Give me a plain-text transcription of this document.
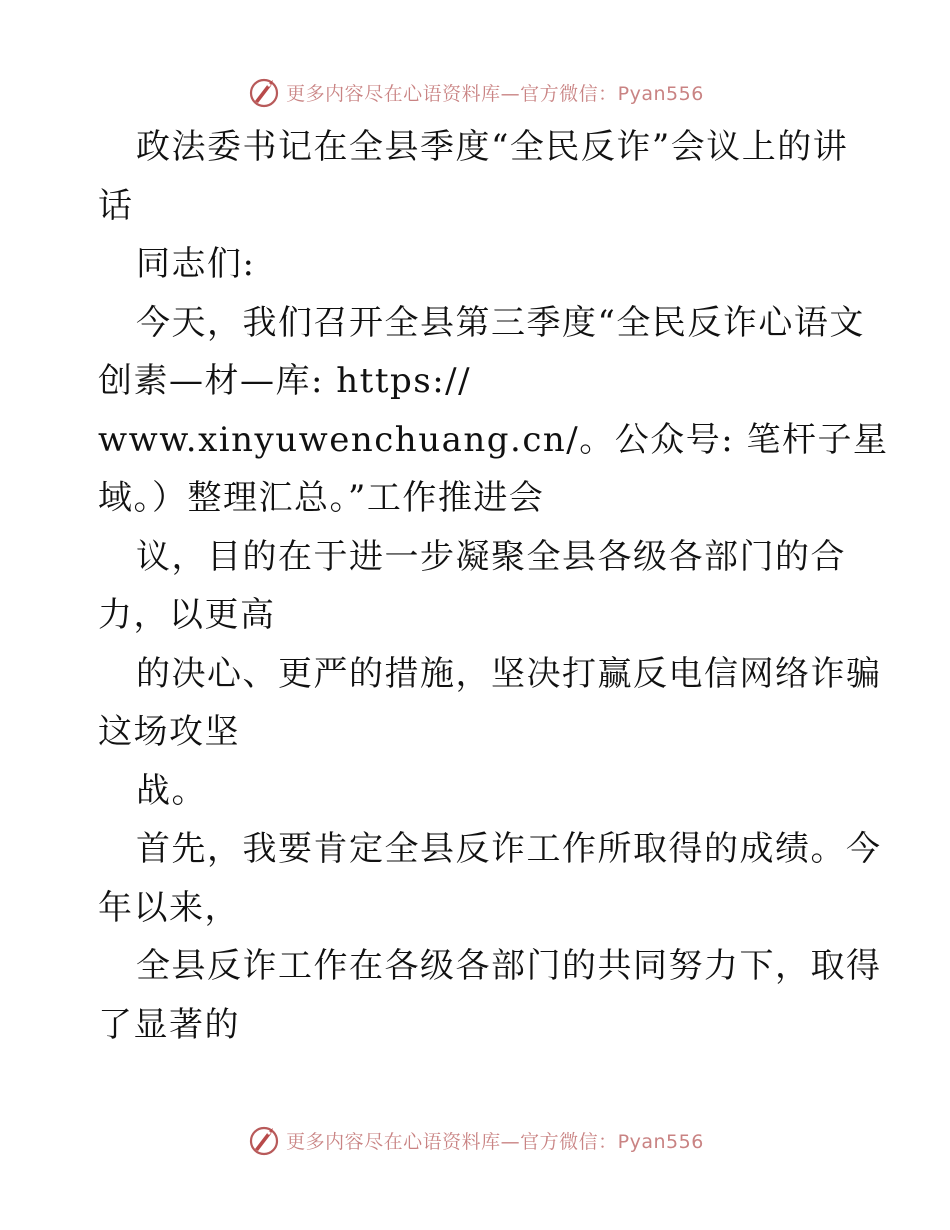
更多内容尽在心语资料库—官方微信：Pyan556
政法委书记在全县季度“全民反诈”会议上的讲
话
同志们:
今天，我们召开全县第三季度“全民反诈心语文
创素—材—库: https://
www.xinyuwenchuang.cn/。公众号: 笔杆子星
域。）整理汇总。”工作推进会
议，目的在于进一步凝聚全县各级各部门的合
力，以更高
的决心、更严的措施，坚决打赢反电信网络诈骗
这场攻坚
战。
首先，我要肯定全县反诈工作所取得的成绩。今
年以来，
全县反诈工作在各级各部门的共同努力下，取得
了显著的
更多内容尽在心语资料库—官方微信：Pyan556
